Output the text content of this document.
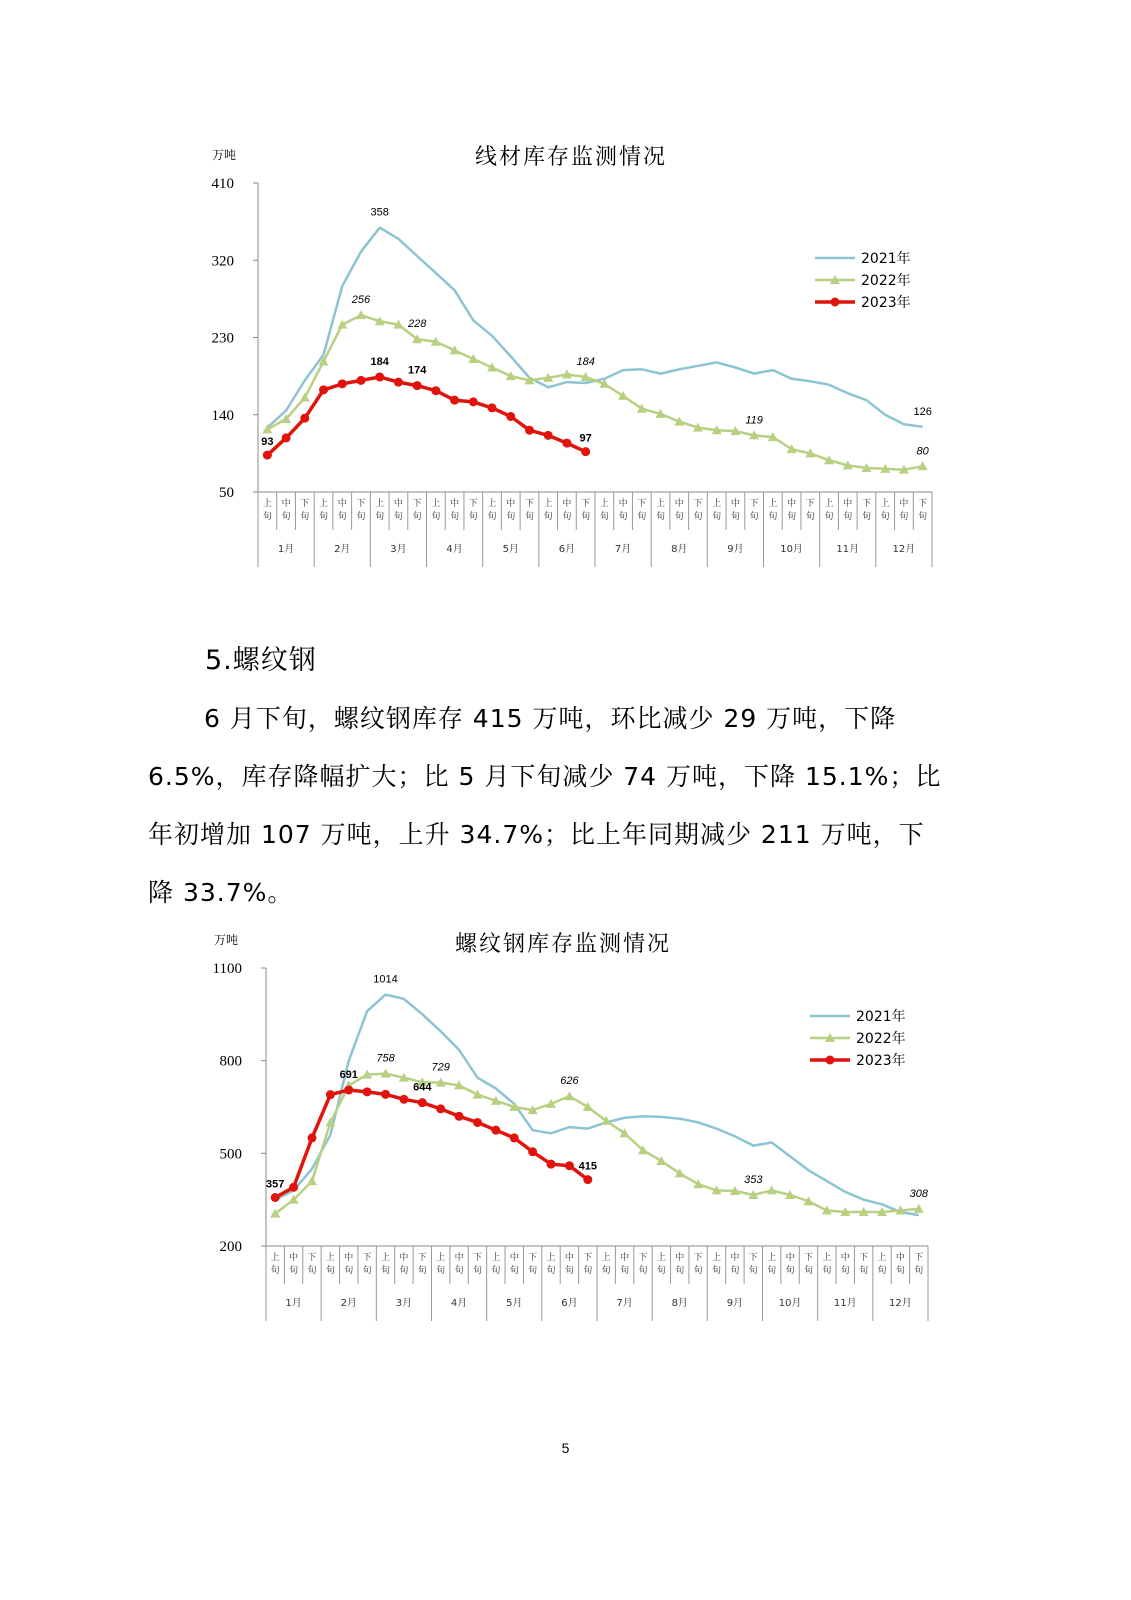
线材库存监测情况
万吨
50
140
230
320
410
上
旬
中
旬
下
旬
上
旬
中
旬
下
旬
上
旬
中
旬
下
旬
上
旬
中
旬
下
旬
上
旬
中
旬
下
旬
上
旬
中
旬
下
旬
上
旬
中
旬
下
旬
上
旬
中
旬
下
旬
上
旬
中
旬
下
旬
上
旬
中
旬
下
旬
上
旬
中
旬
下
旬
上
旬
中
旬
下
旬
1月	2月	3月	4月	5月	6月	7月	8月	9月	10月	11月	12月
358
126
256
228
184
119
80
93
184
174
97
2021年
2022年
2023年
5.螺纹钢
6 月下旬，螺纹钢库存 415 万吨，环比减少 29 万吨，下降
6.5%，库存降幅扩大；比 5 月下旬减少 74 万吨，下降 15.1%；比
年初增加 107 万吨，上升 34.7%；比上年同期减少 211 万吨，下
降 33.7%。
螺纹钢库存监测情况
万吨
200
500
800
1100
上
旬
中
旬
下
旬
上
旬
中
旬
下
旬
上
旬
中
旬
下
旬
上
旬
中
旬
下
旬
上
旬
中
旬
下
旬
上
旬
中
旬
下
旬
上
旬
中
旬
下
旬
上
旬
中
旬
下
旬
上
旬
中
旬
下
旬
上
旬
中
旬
下
旬
上
旬
中
旬
下
旬
上
旬
中
旬
下
旬
1月	2月	3月	4月	5月	6月	7月	8月	9月	10月	11月	12月
1014
758
729
626
353
308
357
691
644
415
2021年
2022年
2023年
5
